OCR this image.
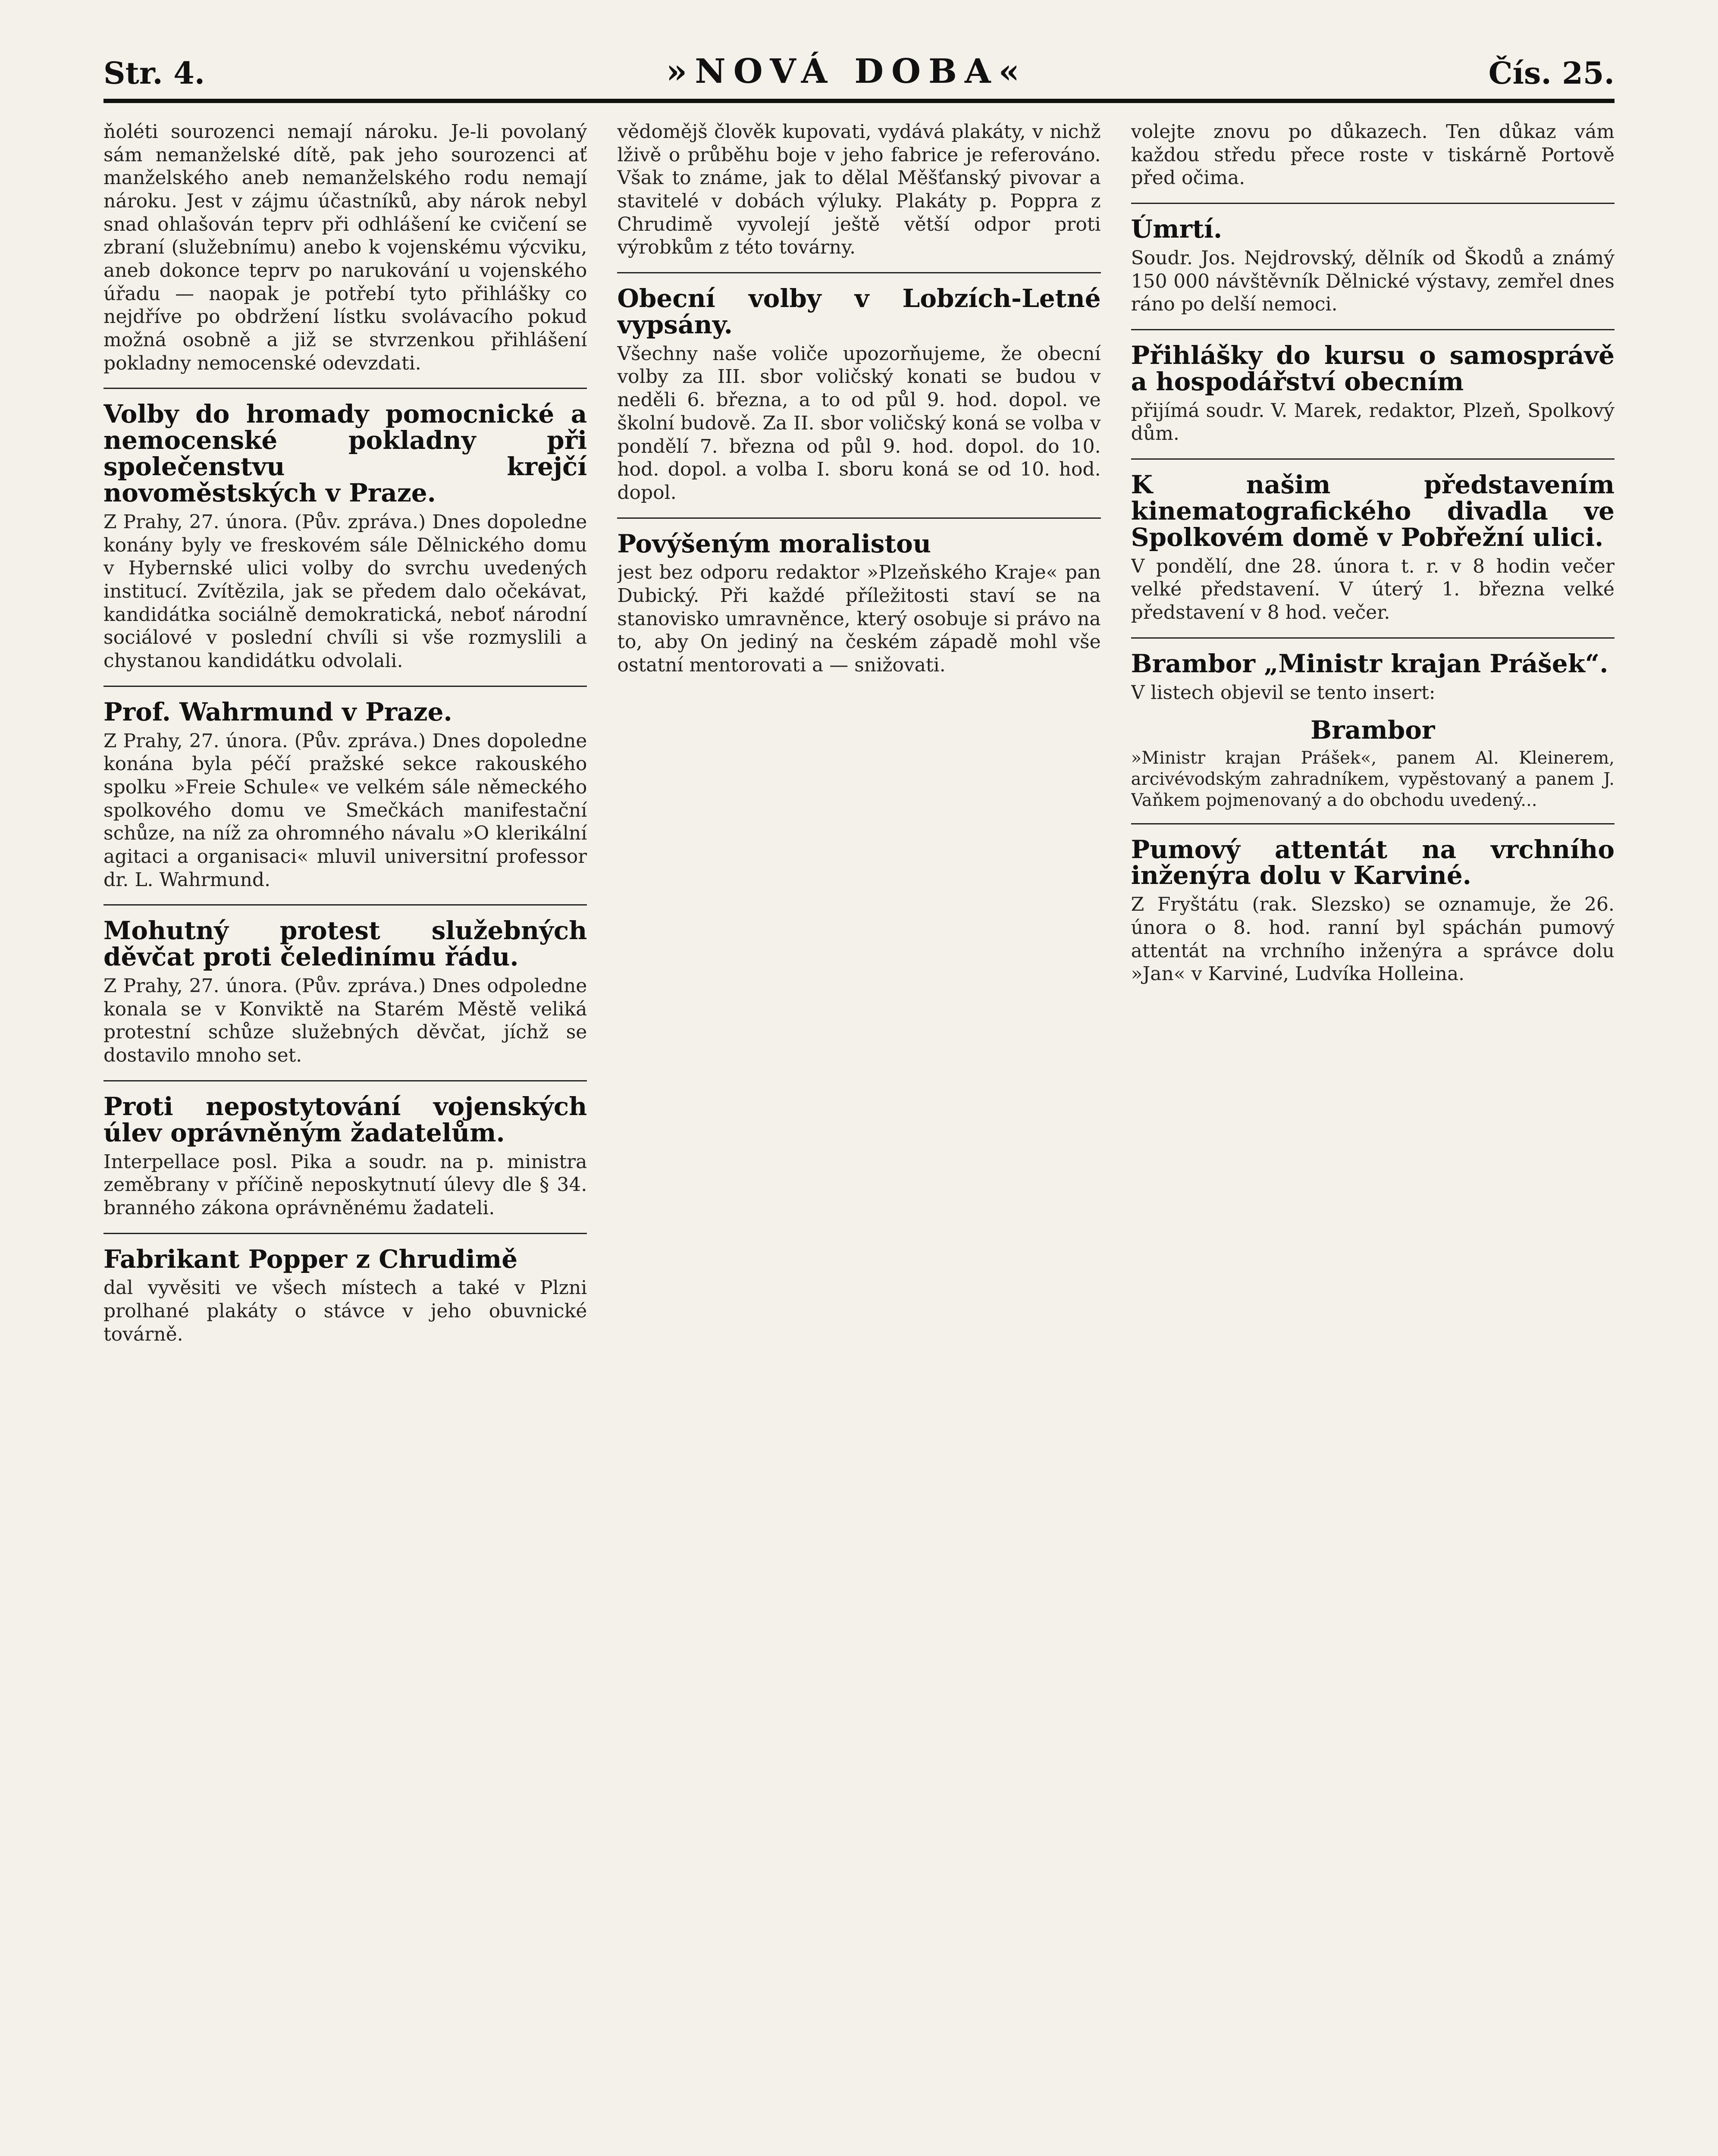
Str. 4.	»NOVÁ DOBA«	Čís. 25.
ňoléti sourozenci nemají nároku. Je-li povolaný sám nemanželské dítě, pak jeho sourozenci ať manželského aneb nemanželského rodu nemají nároku. Jest v zájmu účastníků, aby nárok nebyl snad ohlašován teprv při odhlášení ke cvičení se zbraní (služebnímu) anebo k vojenskému výcviku, aneb dokonce teprv po narukování u vojenského úřadu — naopak je potřebí tyto přihlášky co nejdříve po obdržení lístku svolávacího pokud možná osobně a již se stvrzenkou přihlášení pokladny nemocenské odevzdati.
Volby do hromady pomocnické a nemocenské pokladny při společenstvu krejčí novoměstských v Praze.
Z Prahy, 27. února. (Pův. zpráva.) Dnes dopoledne konány byly ve freskovém sále Dělnického domu v Hybernské ulici volby do svrchu uvedených institucí. Zvítězila, jak se předem dalo očekávat, kandidátka sociálně demokratická, neboť národní sociálové v poslední chvíli si vše rozmyslili a chystanou kandidátku odvolali.
Prof. Wahrmund v Praze.
Z Prahy, 27. února. (Pův. zpráva.) Dnes dopoledne konána byla péčí pražské sekce rakouského spolku »Freie Schule« ve velkém sále německého spolkového domu ve Smečkách manifestační schůze, na níž za ohromného návalu »O klerikální agitaci a organisaci« mluvil universitní professor dr. L. Wahrmund.
Mohutný protest služebných děvčat proti čeledinímu řádu.
Z Prahy, 27. února. (Pův. zpráva.) Dnes odpoledne konala se v Konviktě na Starém Městě veliká protestní schůze služebných děvčat, jíchž se dostavilo mnoho set.
Proti nepostytování vojenských úlev oprávněným žadatelům.
Interpellace posl. Pika a soudr. na p. ministra zeměbrany v příčině neposkytnutí úlevy dle § 34. branného zákona oprávněnému žadateli.
Fabrikant Popper z Chrudimě
dal vyvěsiti ve všech místech a také v Plzni prolhané plakáty o stávce v jeho obuvnické továrně.
vědomějš člověk kupovati, vydává plakáty, v nichž lživě o průběhu boje v jeho fabrice je referováno. Však to známe, jak to dělal Měšťanský pivovar a stavitelé v dobách výluky. Plakáty p. Poppra z Chrudimě vyvolejí ještě větší odpor proti výrobkům z této továrny.
Obecní volby v Lobzích-Letné vypsány.
Všechny naše voliče upozorňujeme, že obecní volby za III. sbor voličský konati se budou v neděli 6. března, a to od půl 9. hod. dopol. ve školní budově. Za II. sbor voličský koná se volba v pondělí 7. března od půl 9. hod. dopol. do 10. hod. dopol. a volba I. sboru koná se od 10. hod. dopol.
Povýšeným moralistou
jest bez odporu redaktor »Plzeňského Kraje« pan Dubický. Při každé příležitosti staví se na stanovisko umravněnce, který osobuje si právo na to, aby On jediný na českém západě mohl vše ostatní mentorovati a — snižovati.
volejte znovu po důkazech. Ten důkaz vám každou středu přece roste v tiskárně Portově před očima.
Úmrtí.
Soudr. Jos. Nejdrovský, dělník od Škodů a známý 150 000 návštěvník Dělnické výstavy, zemřel dnes ráno po delší nemoci.
Přihlášky do kursu o samosprávě a hospodářství obecním
přijímá soudr. V. Marek, redaktor, Plzeň, Spolkový dům.
K našim představením kinematografického divadla ve Spolkovém domě v Pobřežní ulici.
V pondělí, dne 28. února t. r. v 8 hodin večer velké představení. V úterý 1. března velké představení v 8 hod. večer.
Brambor „Ministr krajan Prášek“.
V listech objevil se tento insert:
Brambor
»Ministr krajan Prášek«, panem Al. Kleinerem, arcivévodským zahradníkem, vypěstovaný a panem J. Vaňkem pojmenovaný a do obchodu uvedený...
Pumový attentát na vrchního inženýra dolu v Karviné.
Z Fryštátu (rak. Slezsko) se oznamuje, že 26. února o 8. hod. ranní byl spáchán pumový attentát na vrchního inženýra a správce dolu »Jan« v Karviné, Ludvíka Holleina.
